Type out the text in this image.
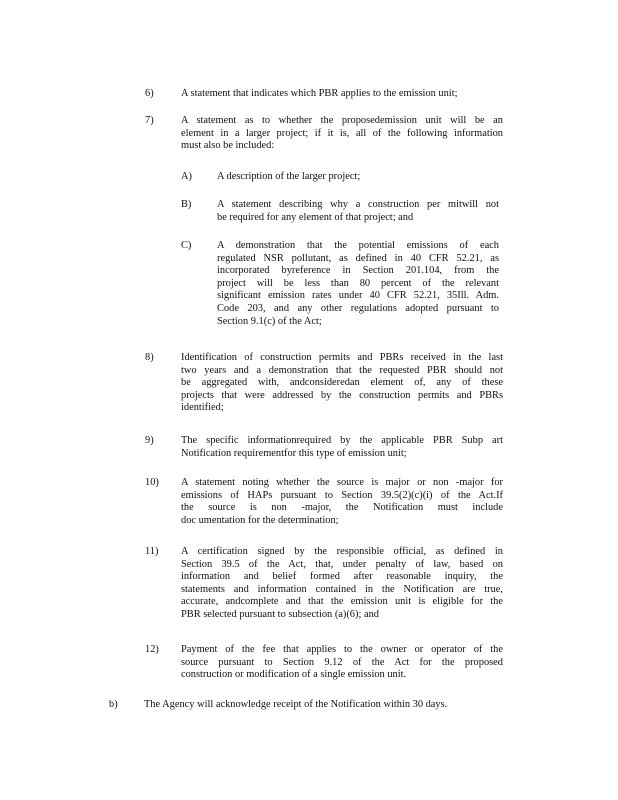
6)	A statement that indicates which PBR applies to the emission unit;
7)	A statement as to whether the proposedemission unit will be an
element in a larger project; if it is, all of the following information
must also be included:
A) A description of the larger project;
B) A statement describing why a construction per mitwill not
be required for any element of that project; and
C) A demonstration that the potential emissions of each
regulated NSR pollutant, as defined in 40 CFR 52.21, as
incorporated byreference in Section 201.104, from the
project will be less than 80 percent of the relevant
significant emission rates under 40 CFR 52.21, 35Ill. Adm.
Code 203, and any other regulations adopted pursuant to
Section 9.1(c) of the Act;
8)	Identification of construction permits and PBRs received in the last
two years and a demonstration that the requested PBR should not
be aggregated with, andconsideredan element of, any of these
projects that were addressed by the construction permits and PBRs
identified;
9)	The specific informationrequired by the applicable PBR Subp art
Notification requirementfor this type of emission unit;
10) A statement noting whether the source is major or non -major for
emissions of HAPs pursuant to Section 39.5(2)(c)(i) of the Act.If
the source is non -major, the Notification must include
doc umentation for the determination;
11) A certification signed by the responsible official, as defined in
Section 39.5 of the Act, that, under penalty of law, based on
information and belief formed after reasonable inquiry, the
statements and information contained in the Notification are true,
accurate, andcomplete and that the emission unit is eligible for the
PBR selected pursuant to subsection (a)(6); and
12) Payment of the fee that applies to the owner or operator of the
source pursuant to Section 9.12 of the Act for the proposed
construction or modification of a single emission unit.
b)	The Agency will acknowledge receipt of the Notification within 30 days.
